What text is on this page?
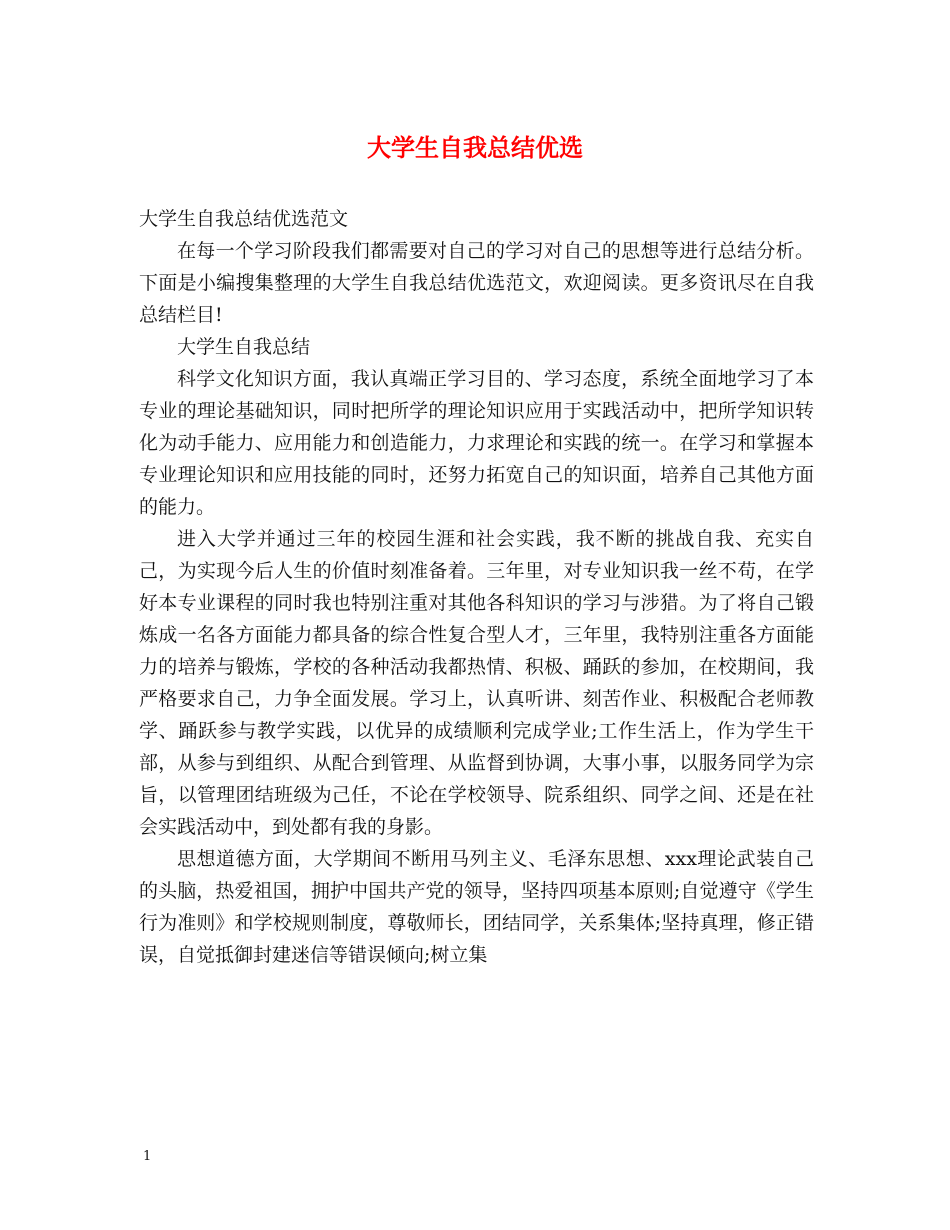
大学生自我总结优选

大学生自我总结优选范文

在每一个学习阶段我们都需要对自己的学习对自己的思想等进行总结分析。下面是小编搜集整理的大学生自我总结优选范文，欢迎阅读。更多资讯尽在自我总结栏目!

大学生自我总结

科学文化知识方面，我认真端正学习目的、学习态度，系统全面地学习了本专业的理论基础知识，同时把所学的理论知识应用于实践活动中，把所学知识转化为动手能力、应用能力和创造能力，力求理论和实践的统一。在学习和掌握本专业理论知识和应用技能的同时，还努力拓宽自己的知识面，培养自己其他方面的能力。

进入大学并通过三年的校园生涯和社会实践，我不断的挑战自我、充实自己，为实现今后人生的价值时刻准备着。三年里，对专业知识我一丝不苟，在学好本专业课程的同时我也特别注重对其他各科知识的学习与涉猎。为了将自己锻炼成一名各方面能力都具备的综合性复合型人才，三年里，我特别注重各方面能力的培养与锻炼，学校的各种活动我都热情、积极、踊跃的参加，在校期间，我严格要求自己，力争全面发展。学习上，认真听讲、刻苦作业、积极配合老师教学、踊跃参与教学实践，以优异的成绩顺利完成学业;工作生活上，作为学生干部，从参与到组织、从配合到管理、从监督到协调，大事小事，以服务同学为宗旨，以管理团结班级为己任，不论在学校领导、院系组织、同学之间、还是在社会实践活动中，到处都有我的身影。

思想道德方面，大学期间不断用马列主义、毛泽东思想、xxx理论武装自己的头脑，热爱祖国，拥护中国共产党的领导，坚持四项基本原则;自觉遵守《学生行为准则》和学校规则制度，尊敬师长，团结同学，关系集体;坚持真理，修正错误，自觉抵御封建迷信等错误倾向;树立集

1
